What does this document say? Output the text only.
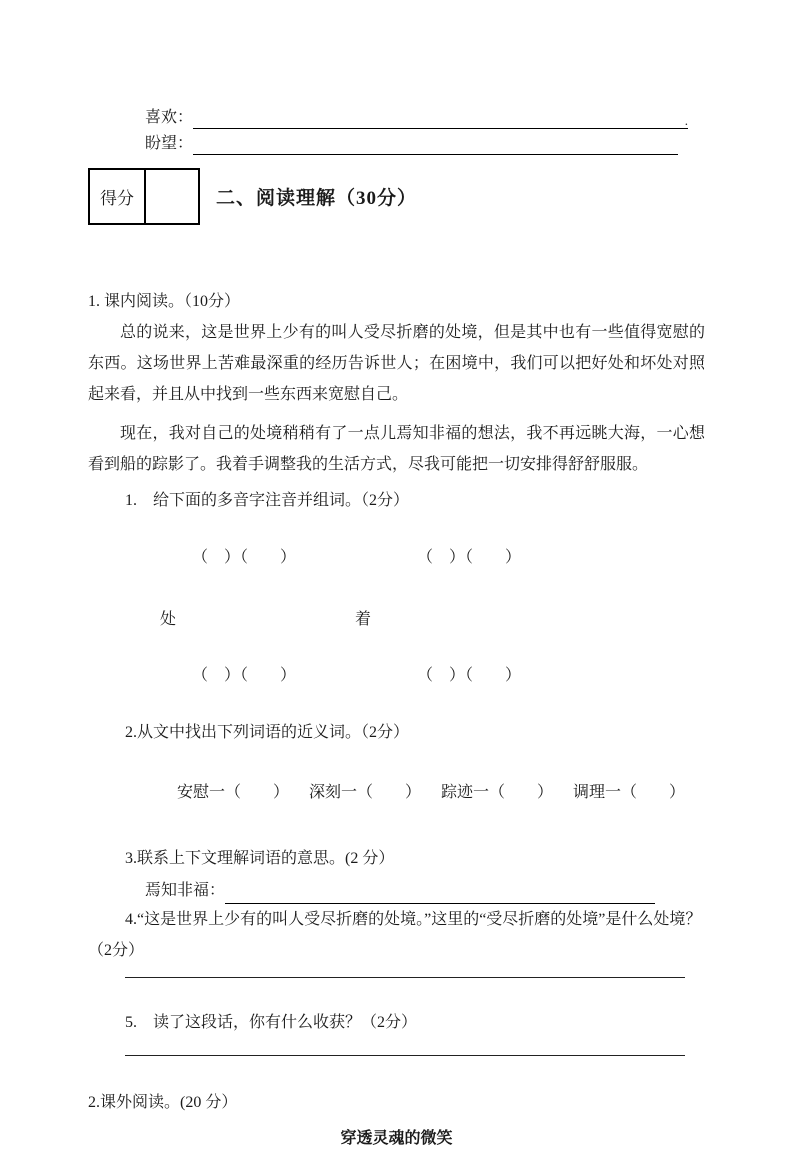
喜欢：	.
盼望：
得分	二、阅读理解（30分）

1. 课内阅读。（10分）

总的说来，这是世界上少有的叫人受尽折磨的处境，但是其中也有一些值得宽慰的东西。这场世界上苦难最深重的经历告诉世人；在困境中，我们可以把好处和坏处对照起来看，并且从中找到一些东西来宽慰自己。

现在，我对自己的处境稍稍有了一点儿焉知非福的想法，我不再远眺大海，一心想看到船的踪影了。我着手调整我的生活方式，尽我可能把一切安排得舒舒服服。

1.　给下面的多音字注音并组词。（2分）

（　）（　　）	（　）（　　）

处	着

（　）（　　）	（　）（　　）

2.从文中找出下列词语的近义词。（2分）

安慰一（　　） 深刻一（　　） 踪迹一（　　） 调理一（　　）

3.联系上下文理解词语的意思。(2 分）

焉知非福：

4.“这是世界上少有的叫人受尽折磨的处境。”这里的“受尽折磨的处境”是什么处境？（2分）

5.　读了这段话，你有什么收获？（2分）

2.课外阅读。(20 分）

穿透灵魂的微笑
